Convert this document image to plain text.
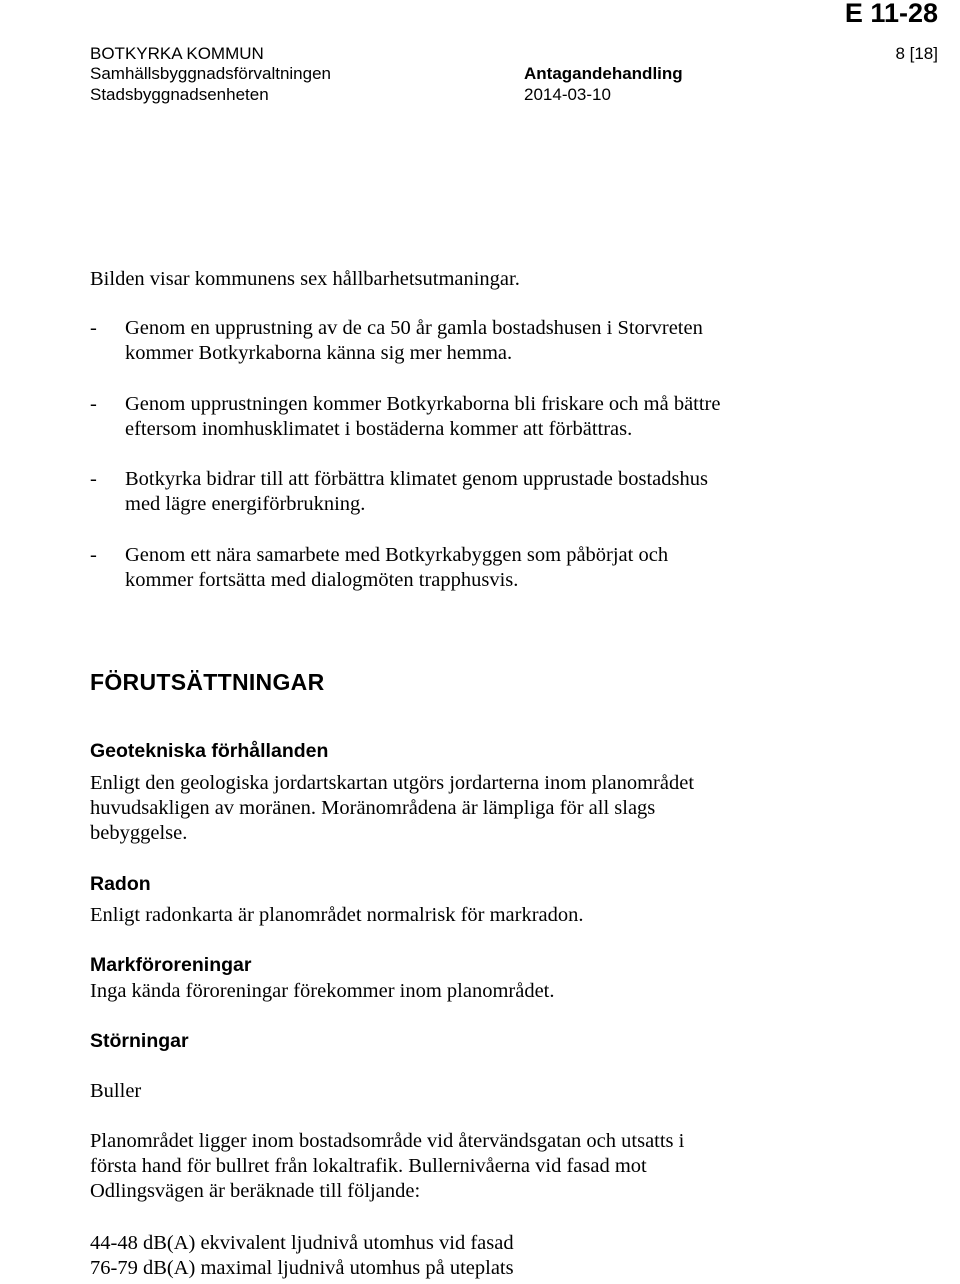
E 11-28
BOTKYRKA KOMMUN
Samhällsbyggnadsförvaltningen
Stadsbyggnadsenheten
Antagandehandling
2014-03-10
8 [18]
Bilden visar kommunens sex hållbarhetsutmaningar.
- Genom en upprustning av de ca 50 år gamla bostadshusen i Storvreten
kommer Botkyrkaborna känna sig mer hemma.
- Genom upprustningen kommer Botkyrkaborna bli friskare och må bättre
eftersom inomhusklimatet i bostäderna kommer att förbättras.
- Botkyrka bidrar till att förbättra klimatet genom upprustade bostadshus
med lägre energiförbrukning.
- Genom ett nära samarbete med Botkyrkabyggen som påbörjat och
kommer fortsätta med dialogmöten trapphusvis.
FÖRUTSÄTTNINGAR
Geotekniska förhållanden
Enligt den geologiska jordartskartan utgörs jordarterna inom planområdet
huvudsakligen av moränen. Moränområdena är lämpliga för all slags
bebyggelse.
Radon
Enligt radonkarta är planområdet normalrisk för markradon.
Markföroreningar
Inga kända föroreningar förekommer inom planområdet.
Störningar
Buller
Planområdet ligger inom bostadsområde vid återvändsgatan och utsatts i
första hand för bullret från lokaltrafik. Bullernivåerna vid fasad mot
Odlingsvägen är beräknade till följande:
44-48 dB(A) ekvivalent ljudnivå utomhus vid fasad
76-79 dB(A) maximal ljudnivå utomhus på uteplats
